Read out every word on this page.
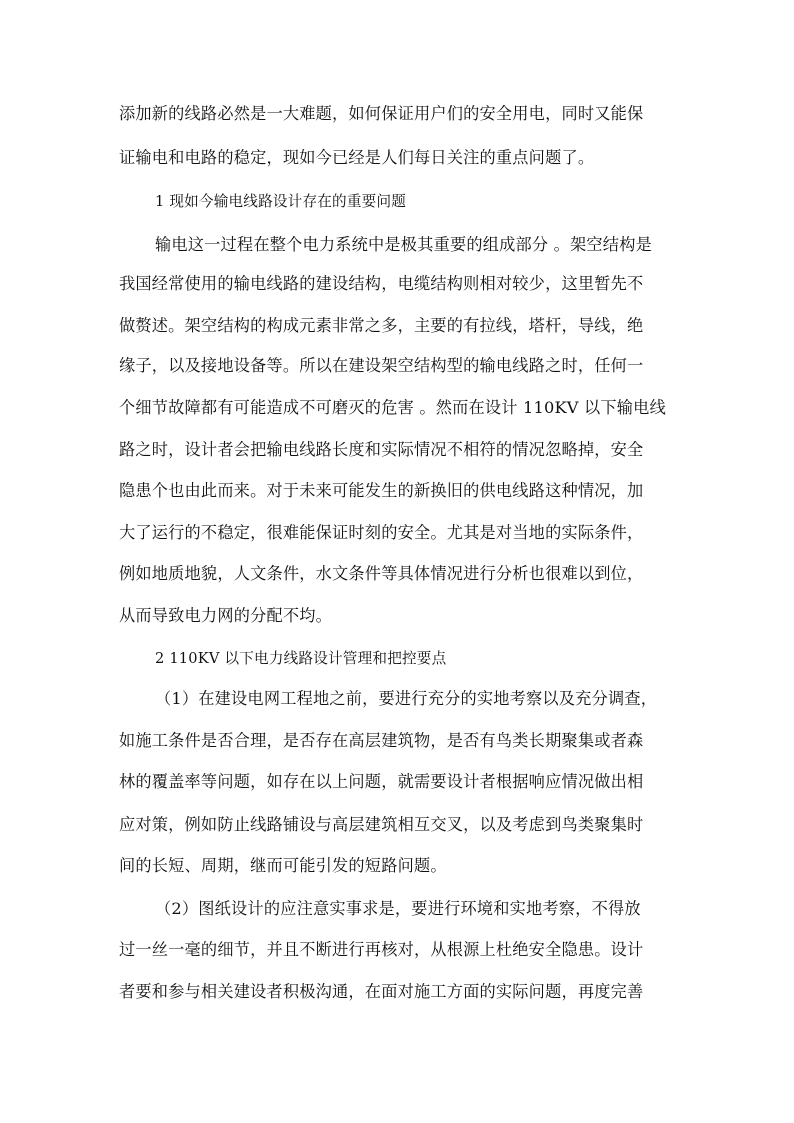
添加新的线路必然是一大难题，如何保证用户们的安全用电，同时又能保
证输电和电路的稳定，现如今已经是人们每日关注的重点问题了。
1 现如今输电线路设计存在的重要问题
输电这一过程在整个电力系统中是极其重要的组成部分 。架空结构是
我国经常使用的输电线路的建设结构，电缆结构则相对较少，这里暂先不
做赘述。架空结构的构成元素非常之多，主要的有拉线，塔杆，导线，绝
缘子，以及接地设备等。所以在建设架空结构型的输电线路之时，任何一
个细节故障都有可能造成不可磨灭的危害 。然而在设计 110KV 以下输电线
路之时，设计者会把输电线路长度和实际情况不相符的情况忽略掉，安全
隐患个也由此而来。对于未来可能发生的新换旧的供电线路这种情况，加
大了运行的不稳定，很难能保证时刻的安全。尤其是对当地的实际条件，
例如地质地貌，人文条件，水文条件等具体情况进行分析也很难以到位，
从而导致电力网的分配不均。
2 110KV 以下电力线路设计管理和把控要点
（1）在建设电网工程地之前，要进行充分的实地考察以及充分调查，
如施工条件是否合理，是否存在高层建筑物，是否有鸟类长期聚集或者森
林的覆盖率等问题，如存在以上问题，就需要设计者根据响应情况做出相
应对策，例如防止线路铺设与高层建筑相互交叉，以及考虑到鸟类聚集时
间的长短、周期，继而可能引发的短路问题。
（2）图纸设计的应注意实事求是，要进行环境和实地考察，不得放
过一丝一毫的细节，并且不断进行再核对，从根源上杜绝安全隐患。设计
者要和参与相关建设者积极沟通，在面对施工方面的实际问题，再度完善
